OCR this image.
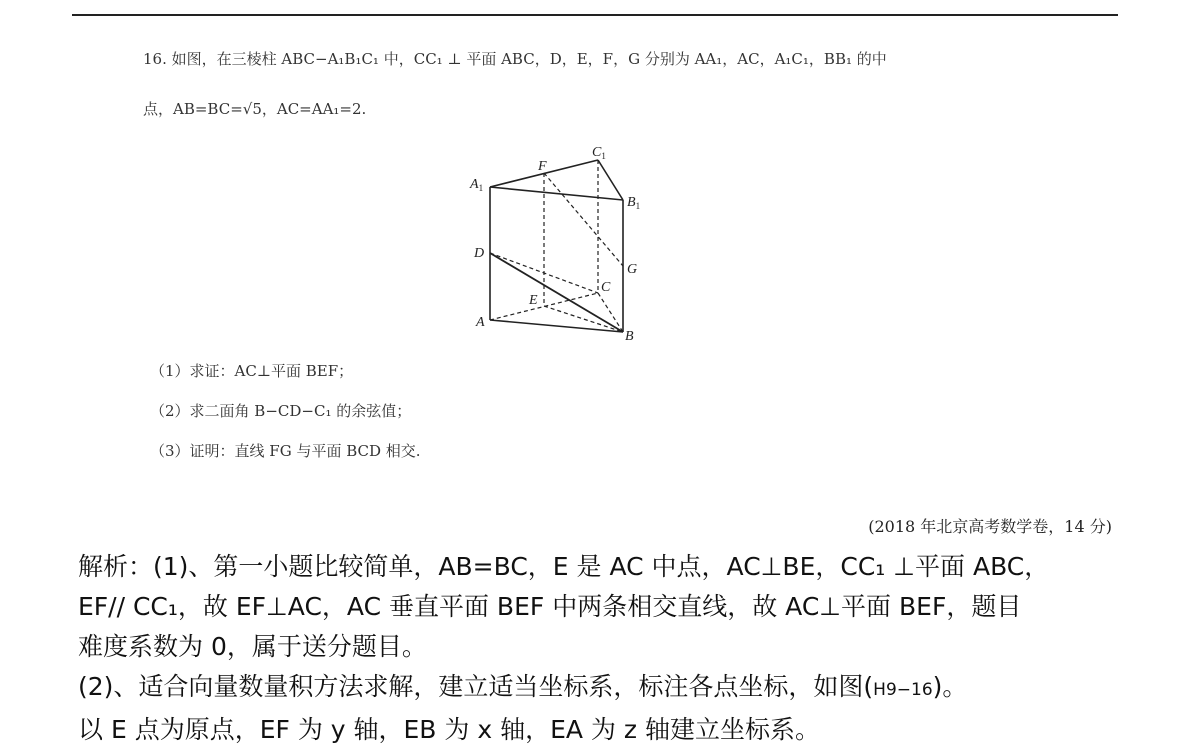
16. 如图，在三棱柱 ABC−A₁B₁C₁ 中，CC₁ ⊥ 平面 ABC，D，E，F，G 分别为 AA₁，AC，A₁C₁，BB₁ 的中
点，AB=BC=√5，AC=AA₁=2.
$A_1$
F
$C_1$
$B_1$
D
G
C
E
A
B
（1）求证：AC⊥平面 BEF；
（2）求二面角 B−CD−C₁ 的余弦值；
（3）证明：直线 FG 与平面 BCD 相交.
(2018 年北京高考数学卷，14 分)

解析：(1)、第一小题比较简单，AB=BC，E 是 AC 中点，AC⊥BE，CC₁ ⊥平面 ABC，

EF// CC₁，故 EF⊥AC，AC 垂直平面 BEF 中两条相交直线，故 AC⊥平面 BEF，题目

难度系数为 0，属于送分题目。

(2)、适合向量数量积方法求解，建立适当坐标系，标注各点坐标，如图(H9−16)。

以 E 点为原点，EF 为 y 轴，EB 为 x 轴，EA 为 z 轴建立坐标系。
